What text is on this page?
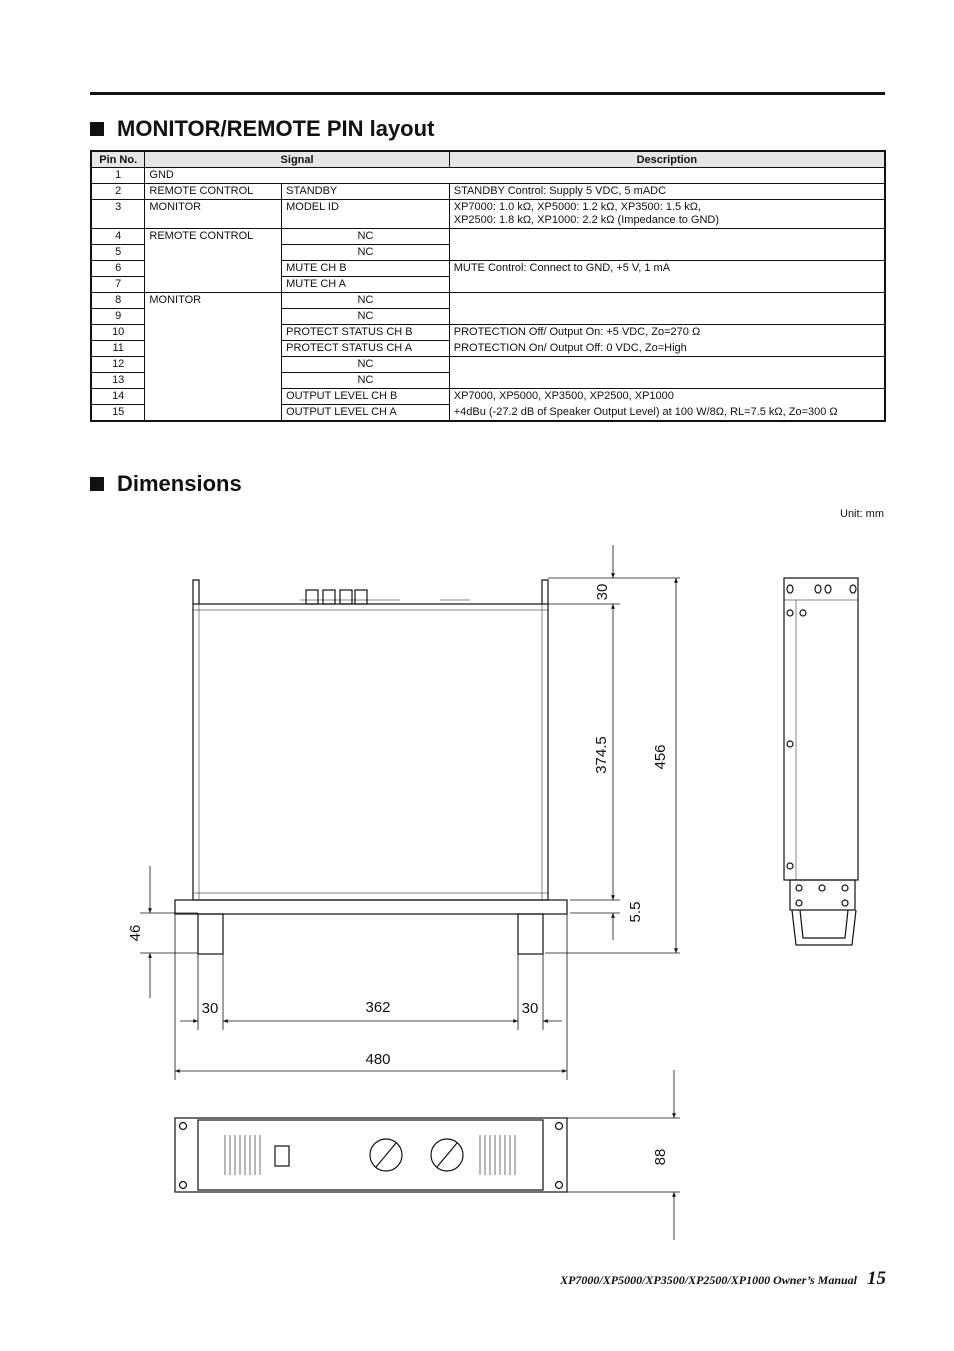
MONITOR/REMOTE PIN layout
Pin No.	Signal		Description
1	GND		
2	REMOTE CONTROL	STANDBY	STANDBY Control: Supply 5 VDC, 5 mADC
3	MONITOR	MODEL ID	XP7000: 1.0 kΩ, XP5000: 1.2 kΩ, XP3500: 1.5 kΩ,
XP2500: 1.8 kΩ, XP1000: 2.2 kΩ (Impedance to GND)

4	REMOTE CONTROL	NC	
5		NC	
6		MUTE CH B	MUTE Control: Connect to GND, +5 V, 1 mA
7		MUTE CH A	
8	MONITOR	NC	
9		NC	
10		PROTECT STATUS CH B	PROTECTION Off/ Output On: +5 VDC, Zo=270 Ω
11		PROTECT STATUS CH A	PROTECTION On/ Output Off: 0 VDC, Zo=High
12		NC	
13		NC	
14		OUTPUT LEVEL CH B	XP7000, XP5000, XP3500, XP2500, XP1000
15		OUTPUT LEVEL CH A	+4dBu (-27.2 dB of Speaker Output Level) at 100 W/8Ω, RL=7.5 kΩ, Zo=300 Ω
Dimensions
Unit: mm
30
374.5	456
5.5
46
30	362	30
480
88
XP7000/XP5000/XP3500/XP2500/XP1000 Owner’s Manual 15
